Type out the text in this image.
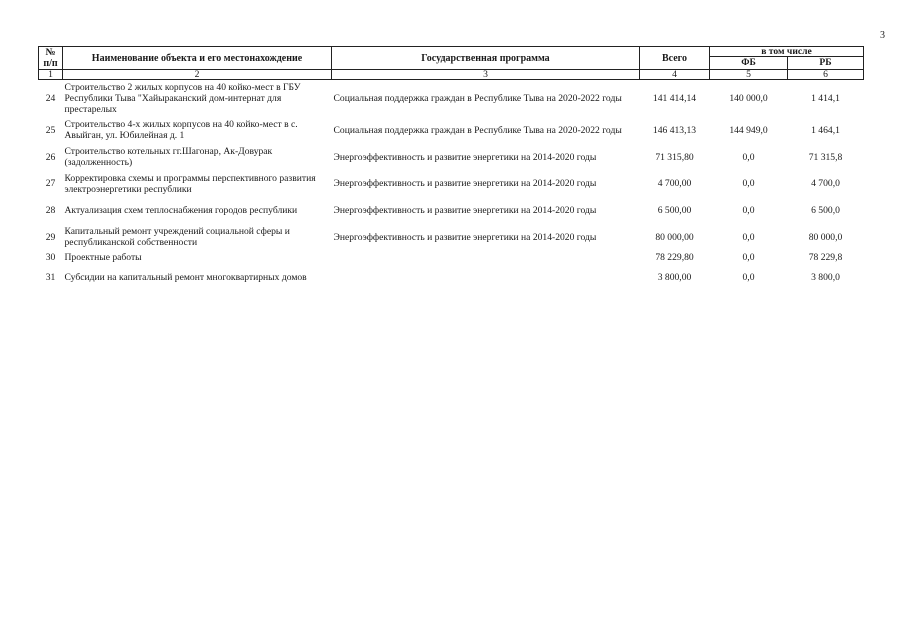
3
№ п/п	Наименование объекта и его местонахождение	Государственная программа	Всего	в том числе	
				ФБ	РБ
1	2	3	4	5	6
24	Строительство 2 жилых корпусов на 40 койко-мест в ГБУ Республики Тыва "Хайыраканский дом-интернат для престарелых	Социальная поддержка граждан в Республике Тыва на 2020-2022 годы	141 414,14	140 000,0	1 414,1
25	Строительство 4-х жилых корпусов на 40 койко-мест в с. Авыйган, ул. Юбилейная д. 1	Социальная поддержка граждан в Республике Тыва на 2020-2022 годы	146 413,13	144 949,0	1 464,1
26	Строительство котельных гг.Шагонар, Ак-Довурак (задолженность)	Энергоэффективность и развитие энергетики на 2014-2020 годы	71 315,80	0,0	71 315,8
27	Корректировка схемы и программы перспективного развития электроэнергетики республики	Энергоэффективность и развитие энергетики на 2014-2020 годы	4 700,00	0,0	4 700,0
28	Актуализация схем теплоснабжения городов республики	Энергоэффективность и развитие энергетики на 2014-2020 годы	6 500,00	0,0	6 500,0
29	Капитальный ремонт учреждений социальной сферы и республиканской собственности	Энергоэффективность и развитие энергетики на 2014-2020 годы	80 000,00	0,0	80 000,0
30	Проектные работы		78 229,80	0,0	78 229,8
31	Субсидии на капитальный ремонт многоквартирных домов		3 800,00	0,0	3 800,0
